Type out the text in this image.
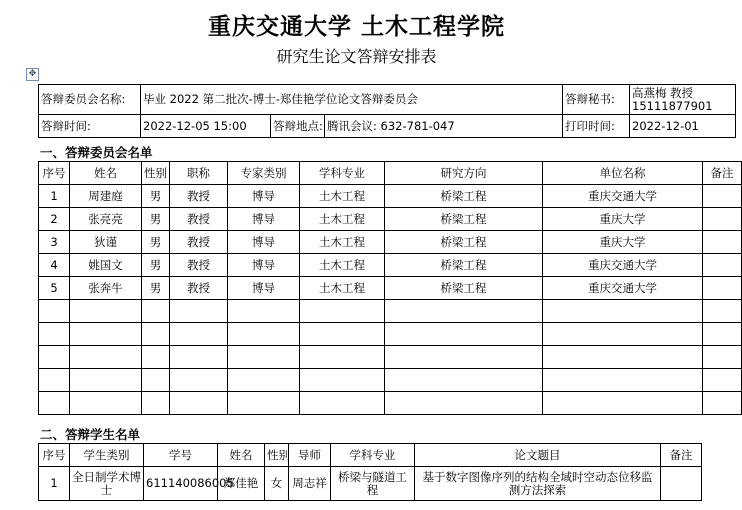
重庆交通大学 土木工程学院
研究生论文答辩安排表
✥
答辩委员会名称:	毕业 2022 第二批次-博士-郑佳艳学位论文答辩委员会			答辩秘书:	高燕梅 教授
15111877901

答辩时间:	2022-12-05 15:00	答辩地点:	腾讯会议: 632-781-047	打印时间:	2022-12-01
一、答辩委员会名单
序号	姓名	性别	职称	专家类别	学科专业	研究方向	单位名称	备注
1	周建庭	男	教授	博导	土木工程	桥梁工程	重庆交通大学	
2	张亮亮	男	教授	博导	土木工程	桥梁工程	重庆大学	
3	狄谨	男	教授	博导	土木工程	桥梁工程	重庆大学	
4	姚国文	男	教授	博导	土木工程	桥梁工程	重庆交通大学	
5	张奔牛	男	教授	博导	土木工程	桥梁工程	重庆交通大学	

二、答辩学生名单
序号	学生类别	学号	姓名	性别	导师	学科专业	论文题目	备注
1	全日制学术博士	611140086005	郑佳艳	女	周志祥	桥梁与隧道工程	基于数字图像序列的结构全域时空动态位移监测方法探索	
